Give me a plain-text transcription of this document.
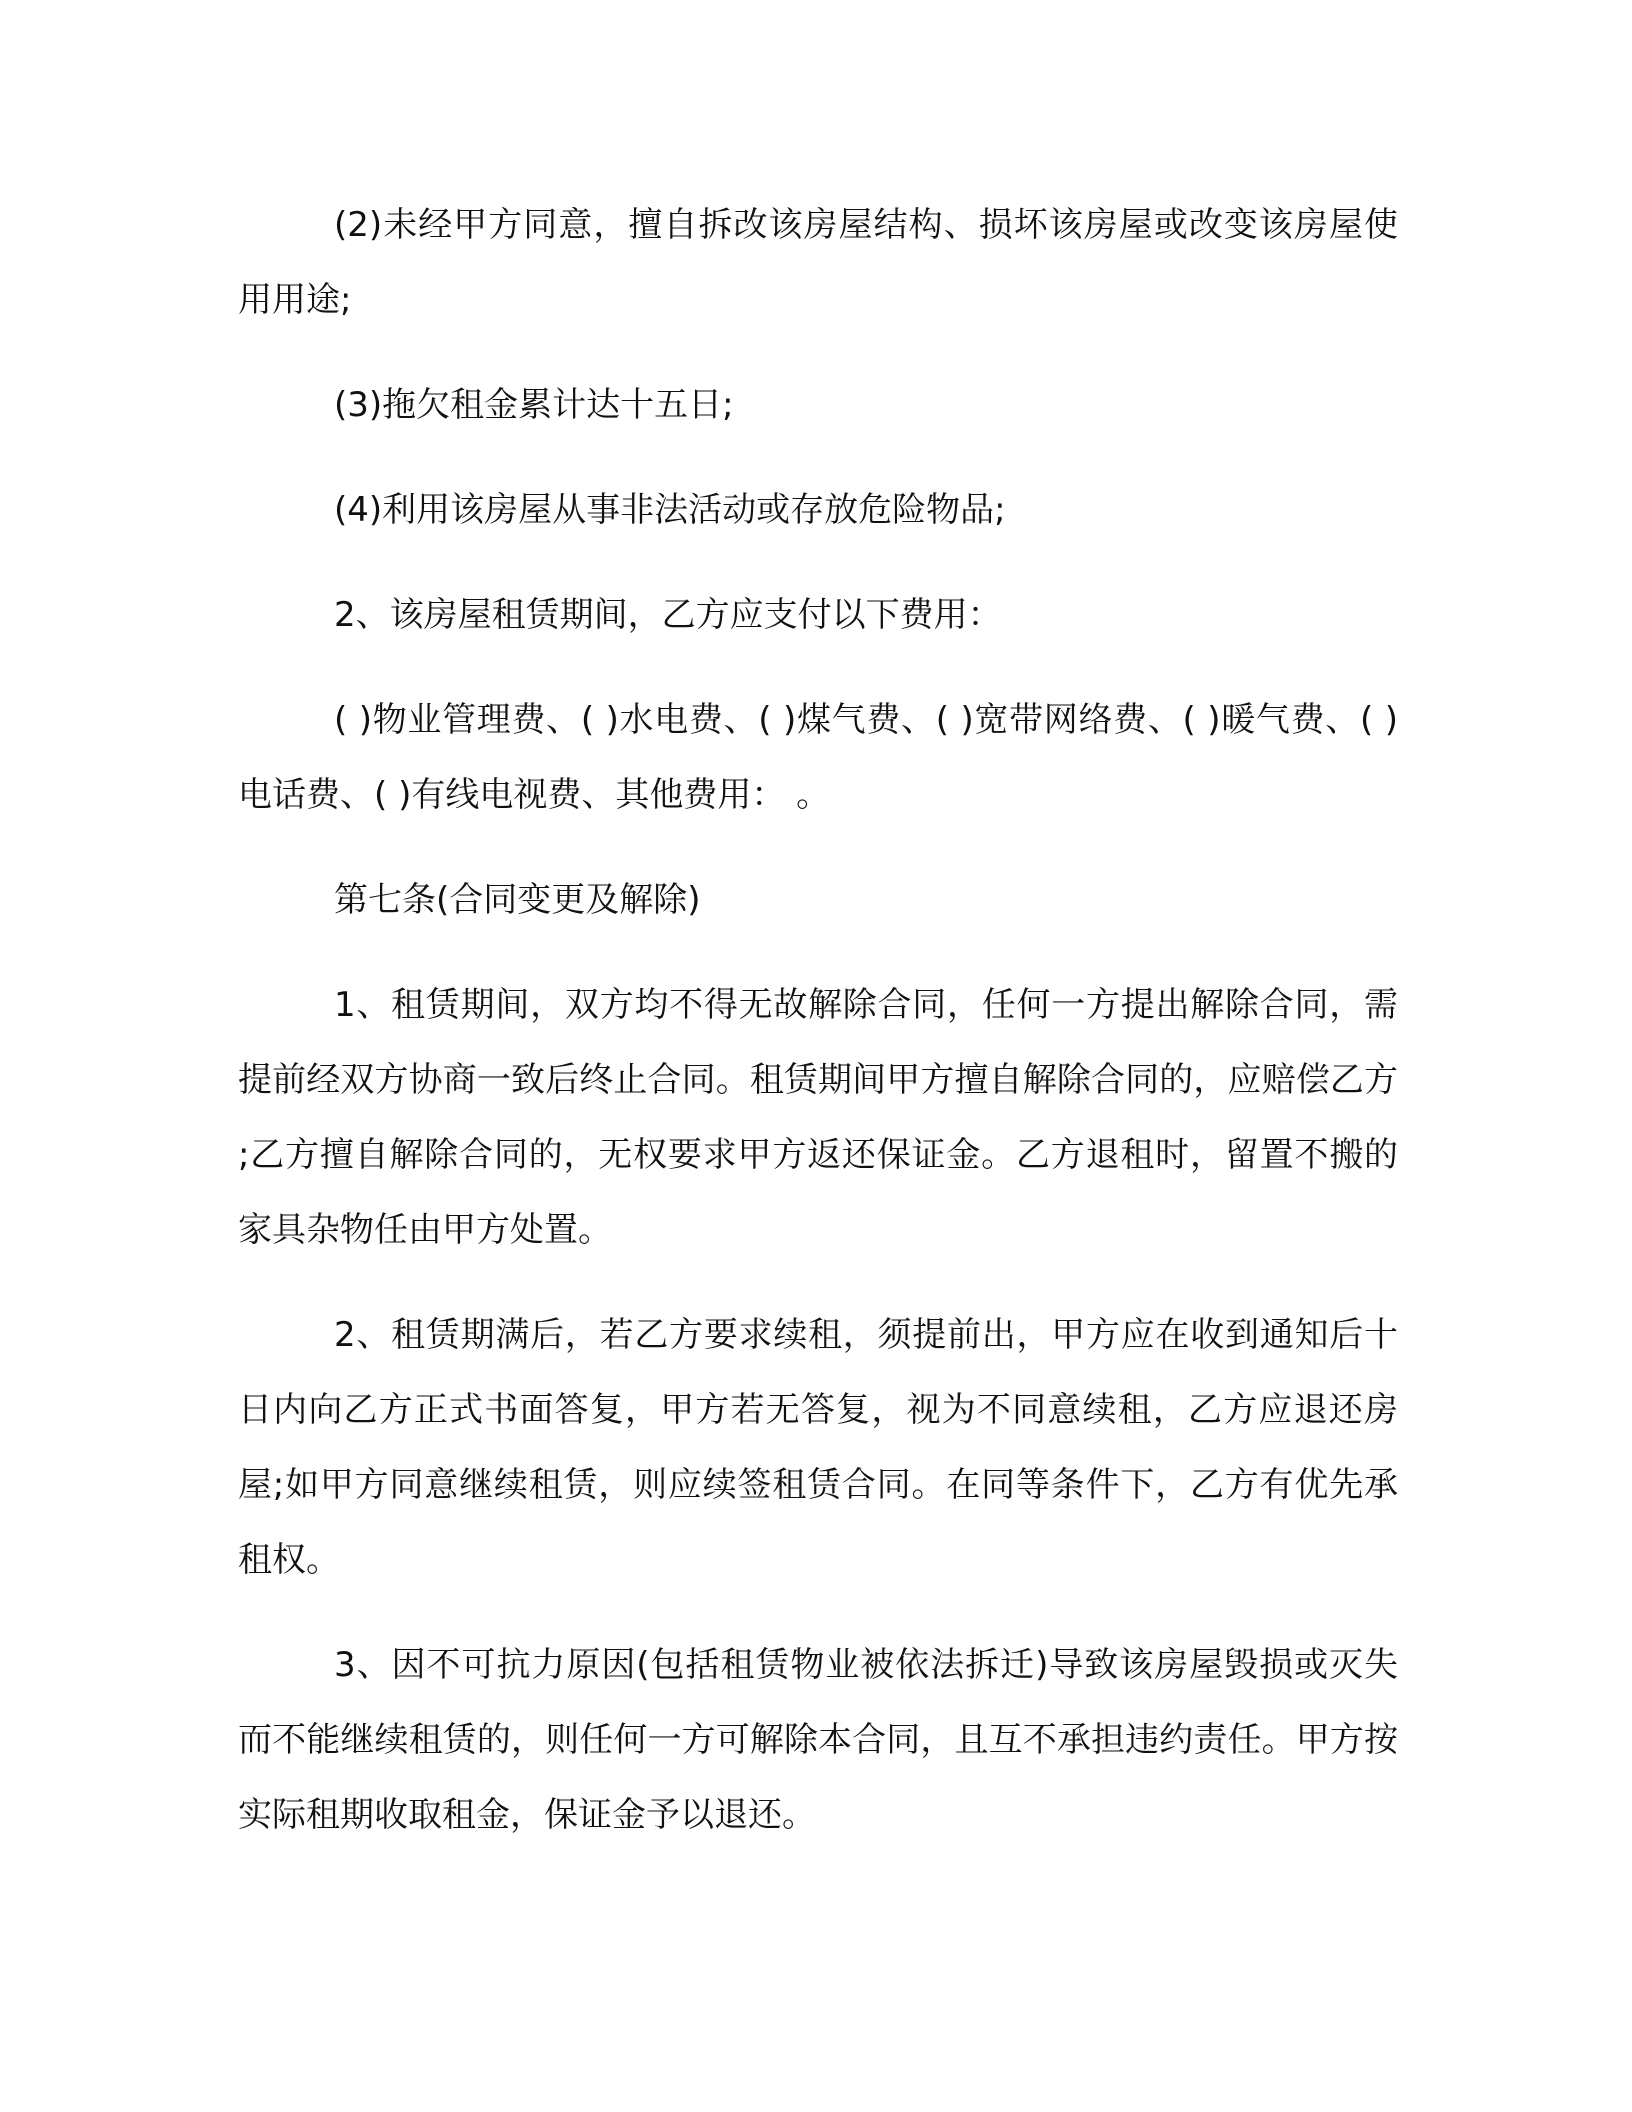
(2)未经甲方同意，擅自拆改该房屋结构、损坏该房屋或改变该房屋使用用途;

(3)拖欠租金累计达十五日;

(4)利用该房屋从事非法活动或存放危险物品;

2、该房屋租赁期间，乙方应支付以下费用：

( )物业管理费、( )水电费、( )煤气费、( )宽带网络费、( )暖气费、( )电话费、( )有线电视费、其他费用： 。

第七条(合同变更及解除)

1、租赁期间，双方均不得无故解除合同，任何一方提出解除合同，需提前经双方协商一致后终止合同。租赁期间甲方擅自解除合同的，应赔偿乙方 ;乙方擅自解除合同的，无权要求甲方返还保证金。乙方退租时，留置不搬的家具杂物任由甲方处置。

2、租赁期满后，若乙方要求续租，须提前出，甲方应在收到通知后十日内向乙方正式书面答复，甲方若无答复，视为不同意续租，乙方应退还房屋;如甲方同意继续租赁，则应续签租赁合同。在同等条件下，乙方有优先承租权。

3、因不可抗力原因(包括租赁物业被依法拆迁)导致该房屋毁损或灭失而不能继续租赁的，则任何一方可解除本合同，且互不承担违约责任。甲方按实际租期收取租金，保证金予以退还。
